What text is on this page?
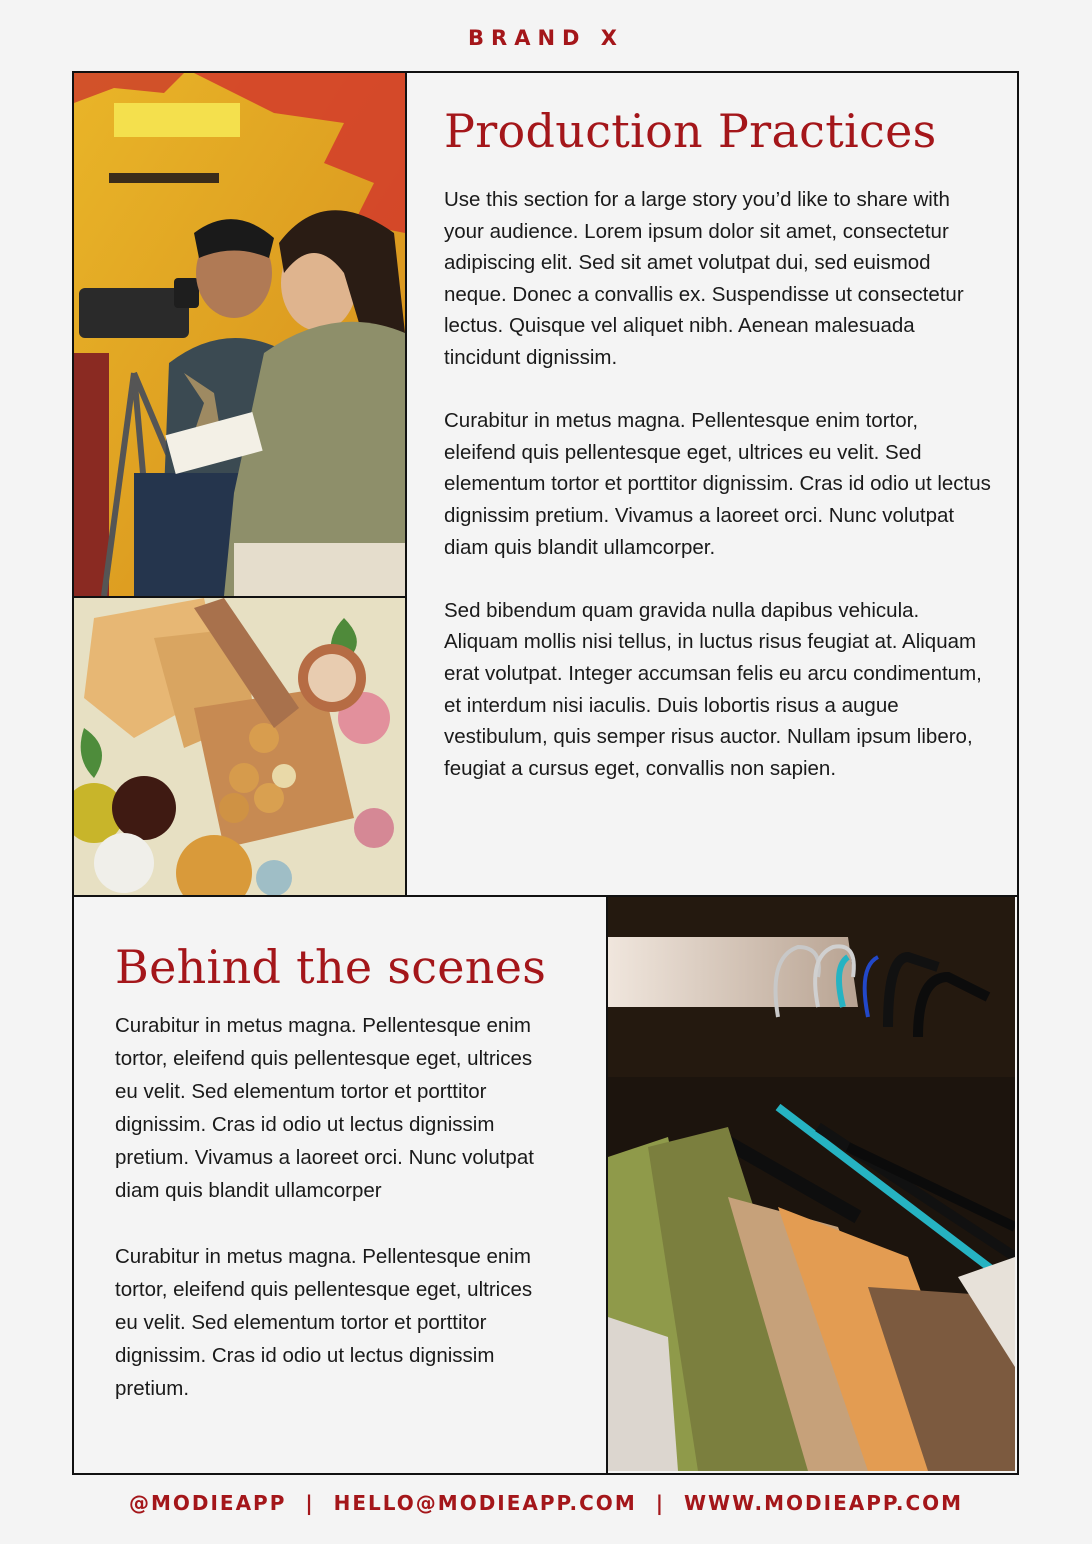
BRAND X
Production Practices

Use this section for a large story you’d like to share with your audience. Lorem ipsum dolor sit amet, consectetur adipiscing elit. Sed sit amet volutpat dui, sed euismod neque. Donec a convallis ex. Suspendisse ut consectetur lectus. Quisque vel aliquet nibh. Aenean malesuada tincidunt dignissim.

Curabitur in metus magna. Pellentesque enim tortor, eleifend quis pellentesque eget, ultrices eu velit. Sed elementum tortor et porttitor dignissim. Cras id odio ut lectus dignissim pretium. Vivamus a laoreet orci. Nunc volutpat diam quis blandit ullamcorper.

Sed bibendum quam gravida nulla dapibus vehicula. Aliquam mollis nisi tellus, in luctus risus feugiat at. Aliquam erat volutpat. Integer accumsan felis eu arcu condimentum, et interdum nisi iaculis. Duis lobortis risus a augue vestibulum, quis semper risus auctor. Nullam ipsum libero, feugiat a cursus eget, convallis non sapien.

Behind the scenes

Curabitur in metus magna. Pellentesque enim tortor, eleifend quis pellentesque eget, ultrices eu velit. Sed elementum tortor et porttitor dignissim. Cras id odio ut lectus dignissim pretium. Vivamus a laoreet orci. Nunc volutpat diam quis blandit ullamcorper

Curabitur in metus magna. Pellentesque enim tortor, eleifend quis pellentesque eget, ultrices eu velit. Sed elementum tortor et porttitor dignissim. Cras id odio ut lectus dignissim pretium.

@MODIEAPP | HELLO@MODIEAPP.COM | WWW.MODIEAPP.COM
